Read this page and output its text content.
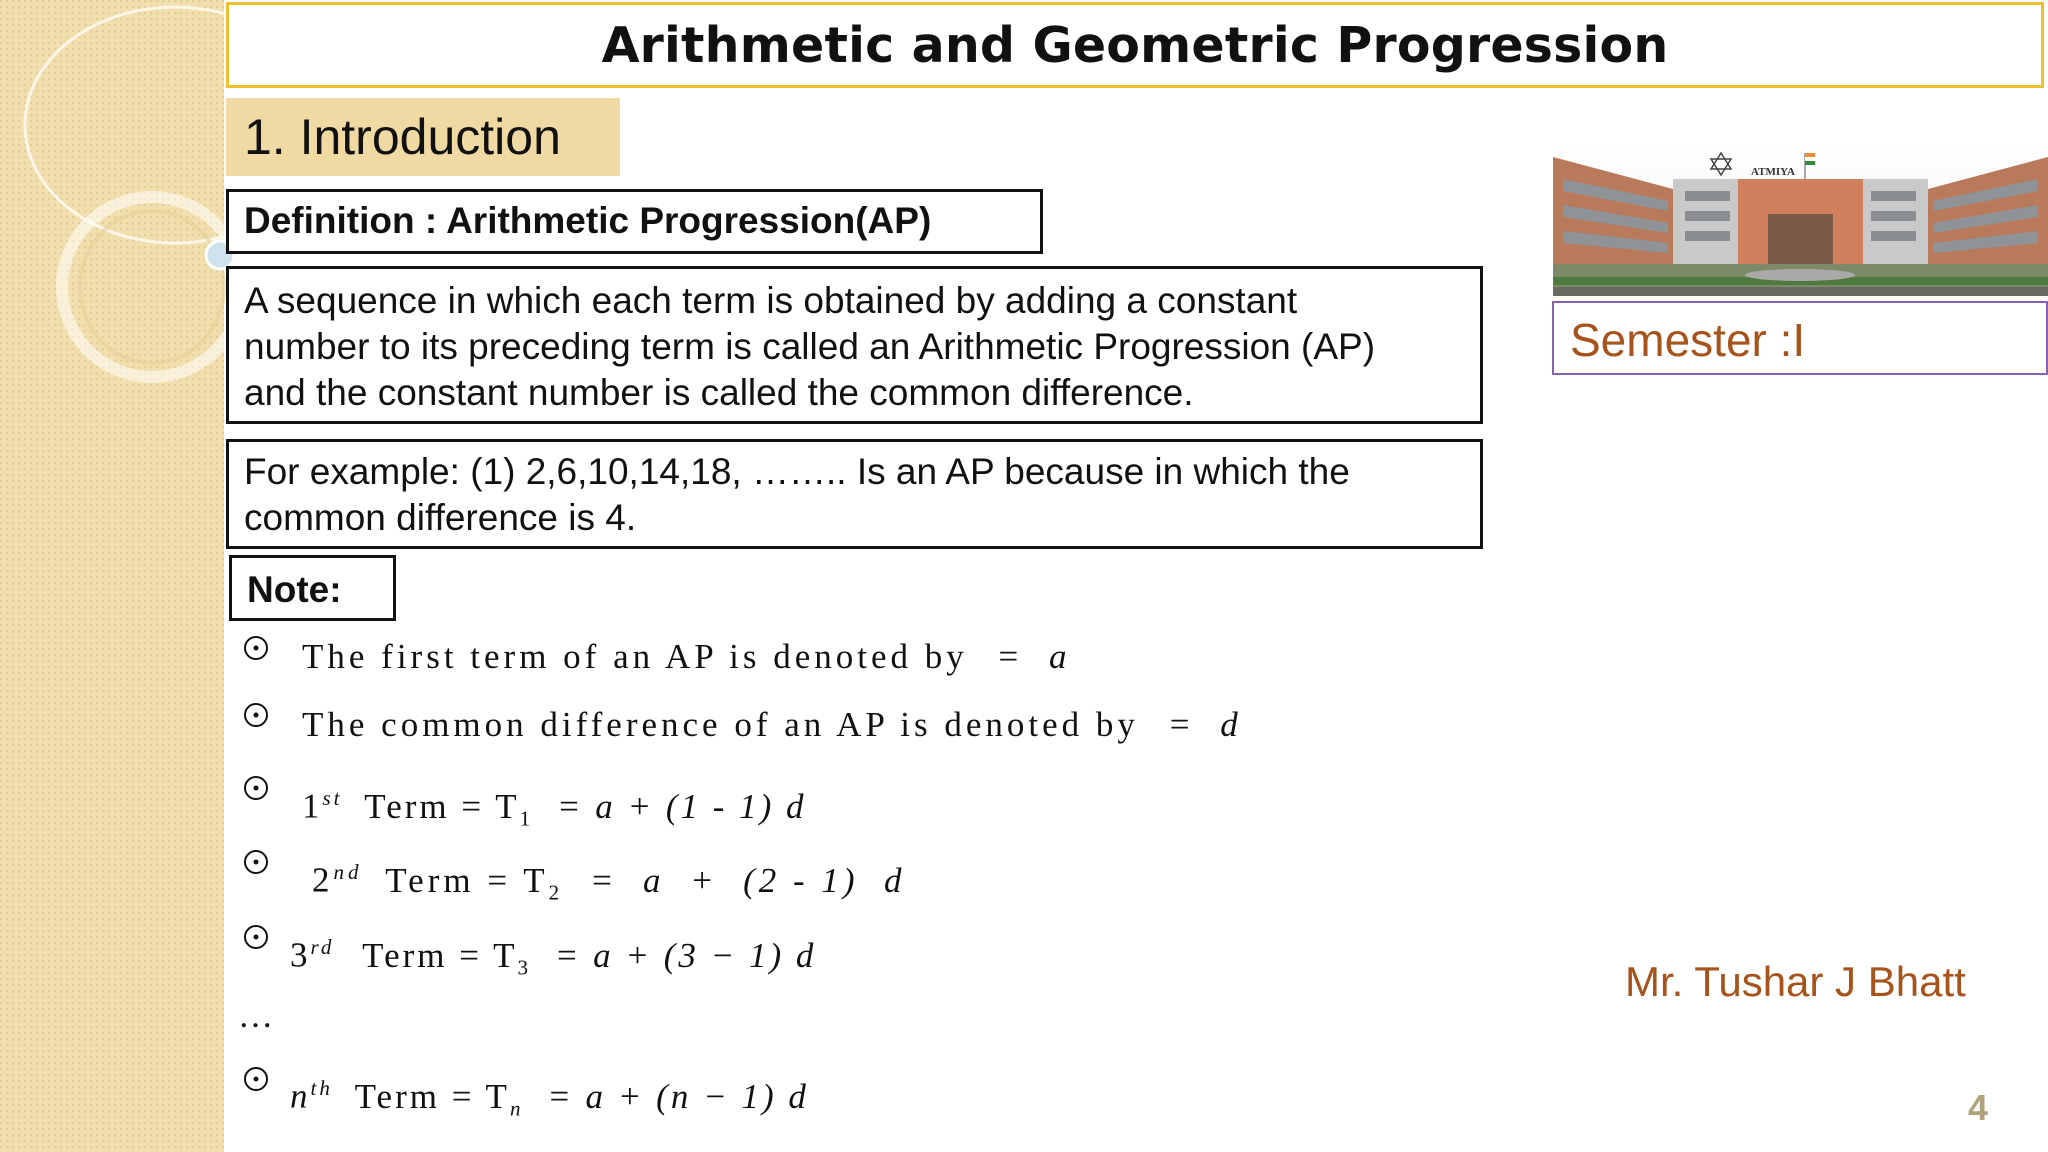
Arithmetic and Geometric Progression
1. Introduction
Definition : Arithmetic Progression(AP)
A sequence in which each term is obtained by adding a constant
number to its preceding term is called an Arithmetic Progression (AP)
and the constant number is called the common difference.
For example: (1) 2,6,10,14,18, …….. Is an AP because in which the
common difference is 4.
Note:
The first term of an AP is denoted by = a
The common difference of an AP is denoted by = d
1st Term = $T_1 = a + (1 - 1)$ d
2nd Term = $T_2 = a + (2 - 1)$  d
3rd Term = $T_3 = a + (3 - 1)$ d
…
$n^{th}$ Term = $T_n = a + (n - 1)$ d
ATMIYA
Semester :I
Mr. Tushar J Bhatt
4
